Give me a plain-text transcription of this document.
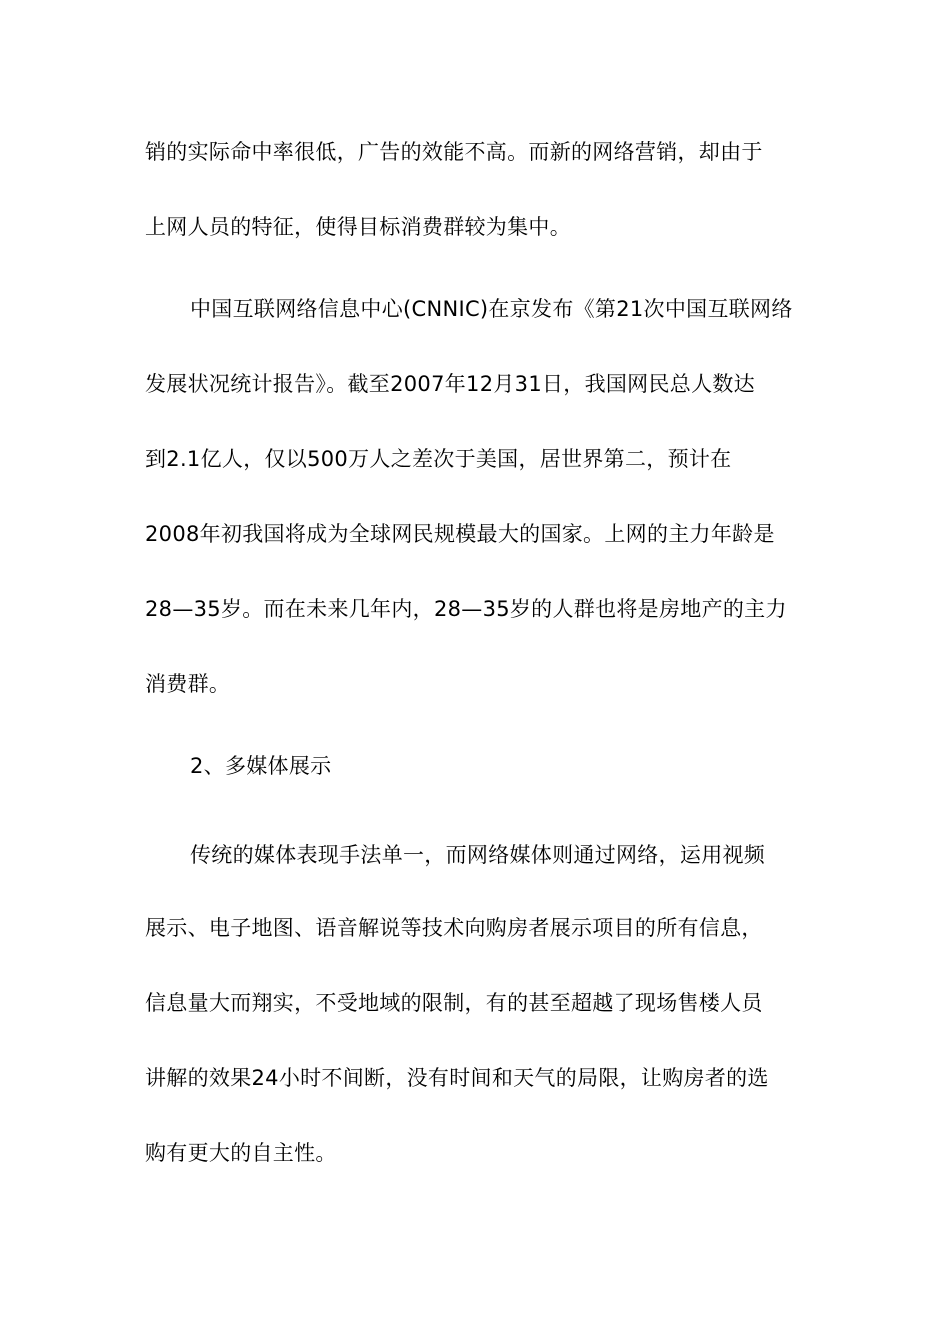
销的实际命中率很低，广告的效能不高。而新的网络营销，却由于
上网人员的特征，使得目标消费群较为集中。
中国互联网络信息中心(CNNIC)在京发布《第21次中国互联网络
发展状况统计报告》。截至2007年12月31日，我国网民总人数达
到2.1亿人，仅以500万人之差次于美国，居世界第二，预计在
2008年初我国将成为全球网民规模最大的国家。上网的主力年龄是
28—35岁。而在未来几年内，28—35岁的人群也将是房地产的主力
消费群。
2、多媒体展示
传统的媒体表现手法单一，而网络媒体则通过网络，运用视频
展示、电子地图、语音解说等技术向购房者展示项目的所有信息，
信息量大而翔实，不受地域的限制，有的甚至超越了现场售楼人员
讲解的效果24小时不间断，没有时间和天气的局限，让购房者的选
购有更大的自主性。
